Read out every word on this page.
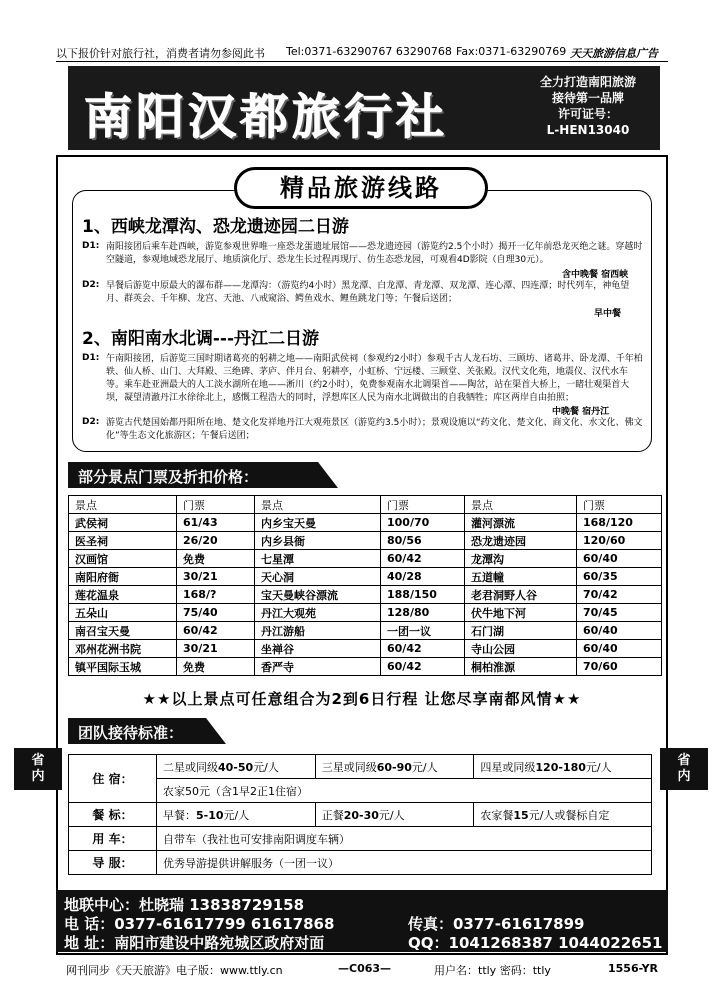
以下报价针对旅行社，消费者请勿参阅此书 Tel:0371-63290767 63290768 Fax:0371-63290769 天天旅游信息广告
南阳汉都旅行社
全力打造南阳旅游
接待第一品牌
许可证号：
L-HEN13040
精品旅游线路
1、西峡龙潭沟、恐龙遗迹园二日游
D1: 南阳接团后乘车赴西峡，游览参观世界唯一座恐龙蛋遗址展馆——恐龙遗迹园（游览约2.5个小时）揭开一亿年前恐龙灭绝之谜。穿越时空隧道，参观地域恐龙展厅、地质演化厅、恐龙生长过程再现厅、仿生态恐龙园，可观看4D影院（自理30元）。
含中晚餐 宿西峡
D2: 早餐后游览中原最大的瀑布群——龙潭沟：（游览约4小时）黑龙潭、白龙潭、青龙潭、双龙潭、连心潭、四连潭；时代列车，神龟望月、群英会、千年柳、龙宫、天池、八戒窥浴、鳄鱼戏水、鲤鱼跳龙门等；午餐后送团；
早中餐
2、南阳南水北调---丹江二日游
D1: 午南阳接团，后游览三国时期诸葛亮的躬耕之地——南阳武侯祠（参观约2小时）参观千古人龙石坊、三顾坊、诸葛井、卧龙潭、千年柏轶、仙人桥、山门、大拜殿、三绝碑、茅庐、伴月台、躬耕亭，小虹桥、宁远楼、三顾堂、关张殿。汉代文化苑，地震仪、汉代水车等。乘车赴亚洲最大的人工淡水湖所在地——淅川（约2小时），免费参观南水北调渠首——陶岔，站在渠首大桥上，一睹壮观渠首大坝，凝望清澈丹江水徐徐北上，感慨工程浩大的同时，浮想库区人民为南水北调做出的自我牺牲；库区两岸自由拍照；
中晚餐 宿丹江
D2: 游览古代楚国始都丹阳所在地、楚文化发祥地丹江大观苑景区（游览约3.5小时）；景观设施以“药文化、楚文化、商文化、水文化、佛文化”等生态文化旅游区；午餐后送团；
部分景点门票及折扣价格：
景点	门票	景点	门票	景点	门票
武侯祠	61/43	内乡宝天曼	100/70	灌河漂流	168/120
医圣祠	26/20	内乡县衙	80/56	恐龙遗迹园	120/60
汉画馆	免费	七星潭	60/42	龙潭沟	60/40
南阳府衙	30/21	天心洞	40/28	五道幢	60/35
莲花温泉	168/?	宝天曼峡谷漂流	188/150	老君洞野人谷	70/42
五朵山	75/40	丹江大观苑	128/80	伏牛地下河	70/45
南召宝天曼	60/42	丹江游船	一团一议	石门湖	60/40
邓州花洲书院	30/21	坐禅谷	60/42	寺山公园	60/40
镇平国际玉城	免费	香严寺	60/42	桐柏淮源	70/60
★★以上景点可任意组合为2到6日行程 让您尽享南都风情★★
团队接待标准：
省内
省内
住 宿：	二星或同级40-50元/人	三星或同级60-90元/人	四星或同级120-180元/人
	农家50元（含1早2正1住宿）		
餐 标：	早餐：5-10元/人	正餐20-30元/人	农家餐15元/人或餐标自定
用 车：	自带车（我社也可安排南阳调度车辆）		
导 服：	优秀导游提供讲解服务（一团一议）		
地联中心：杜晓瑞 13838729158
电 话：0377-61617799 61617868	传真：0377-61617899
地 址：南阳市建设中路宛城区政府对面	QQ：1041268387 1044022651
网刊同步《天天旅游》电子版：www.ttly.cn	—C063—	用户名：ttly 密码：ttly	1556-YR
